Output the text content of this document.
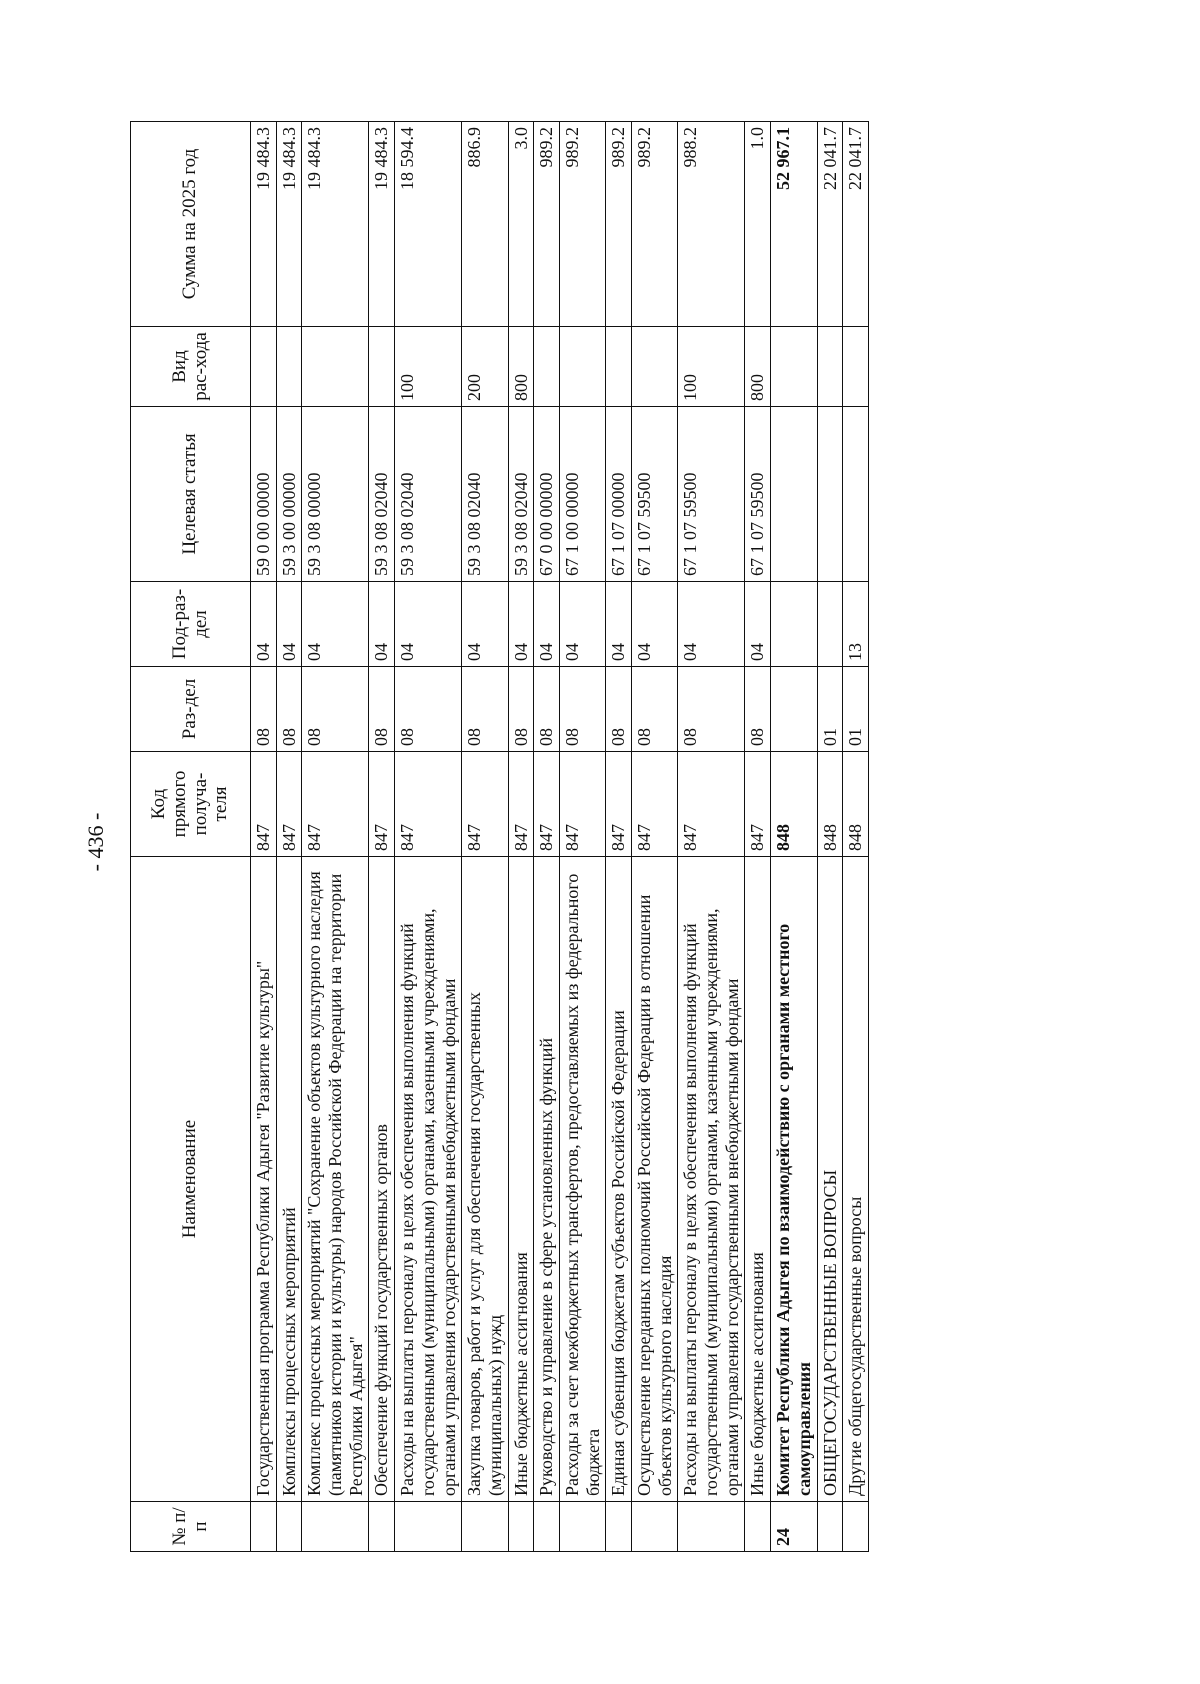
- 436 -
№ п/п	Наименование	Код прямого получа-теля	Раз-дел	Под-раз-дел	Целевая статья	Вид рас-хода	Сумма на 2025 год
	Государственная программа Республики Адыгея "Развитие культуры"	847	08	04	59 0 00 00000		19 484.3
	Комплексы процессных мероприятий	847	08	04	59 3 00 00000		19 484.3
	Комплекс процессных мероприятий "Сохранение объектов культурного наследия (памятников истории и культуры) народов Российской Федерации на территории Республики Адыгея"	847	08	04	59 3 08 00000		19 484.3
	Обеспечение функций государственных органов	847	08	04	59 3 08 02040		19 484.3
	Расходы на выплаты персоналу в целях обеспечения выполнения функций государственными (муниципальными) органами, казенными учреждениями, органами управления государственными внебюджетными фондами	847	08	04	59 3 08 02040	100	18 594.4
	Закупка товаров, работ и услуг для обеспечения государственных (муниципальных) нужд	847	08	04	59 3 08 02040	200	886.9
	Иные бюджетные ассигнования	847	08	04	59 3 08 02040	800	3.0
	Руководство и управление в сфере установленных функций	847	08	04	67 0 00 00000		989.2
	Расходы за счет межбюджетных трансфертов, предоставляемых из федерального бюджета	847	08	04	67 1 00 00000		989.2
	Единая субвенция бюджетам субъектов Российской Федерации	847	08	04	67 1 07 00000		989.2
	Осуществление переданных полномочий Российской Федерации в отношении объектов культурного наследия	847	08	04	67 1 07 59500		989.2
	Расходы на выплаты персоналу в целях обеспечения выполнения функций государственными (муниципальными) органами, казенными учреждениями, органами управления государственными внебюджетными фондами	847	08	04	67 1 07 59500	100	988.2
	Иные бюджетные ассигнования	847	08	04	67 1 07 59500	800	1.0
24	Комитет Республики Адыгея по взаимодействию с органами местного самоуправления	848					52 967.1
	ОБЩЕГОСУДАРСТВЕННЫЕ ВОПРОСЫ	848	01				22 041.7
	Другие общегосударственные вопросы	848	01	13			22 041.7
